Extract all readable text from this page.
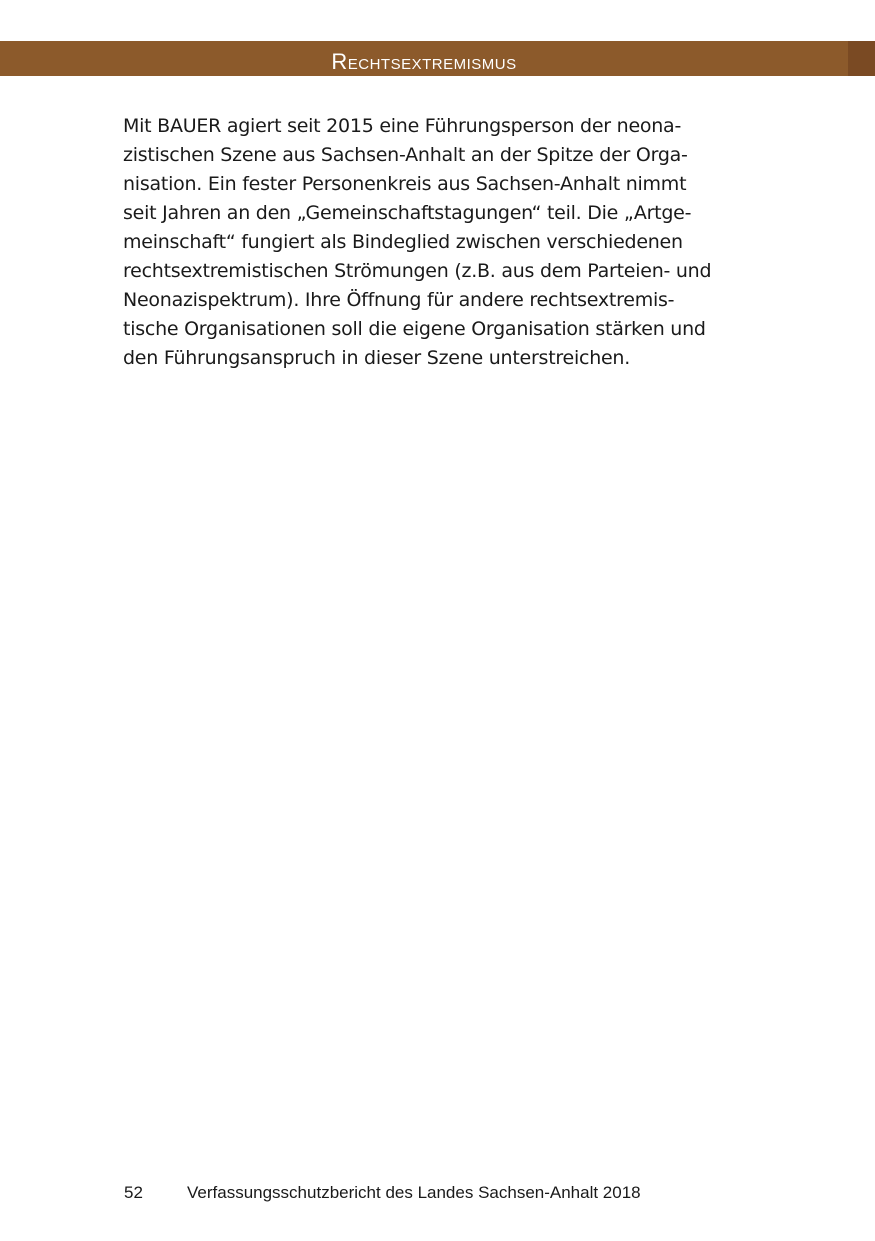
Rechtsextremismus

Mit BAUER agiert seit 2015 eine Führungsperson der neona-
zistischen Szene aus Sachsen-Anhalt an der Spitze der Orga-
nisation. Ein fester Personenkreis aus Sachsen-Anhalt nimmt
seit Jahren an den „Gemeinschaftstagungen“ teil. Die „Artge-
meinschaft“ fungiert als Bindeglied zwischen verschiedenen
rechtsextremistischen Strömungen (z.B. aus dem Parteien- und
Neonazispektrum). Ihre Öffnung für andere rechtsextremis-
tische Organisationen soll die eigene Organisation stärken und
den Führungsanspruch in dieser Szene unterstreichen.

52	Verfassungsschutzbericht des Landes Sachsen-Anhalt 2018
